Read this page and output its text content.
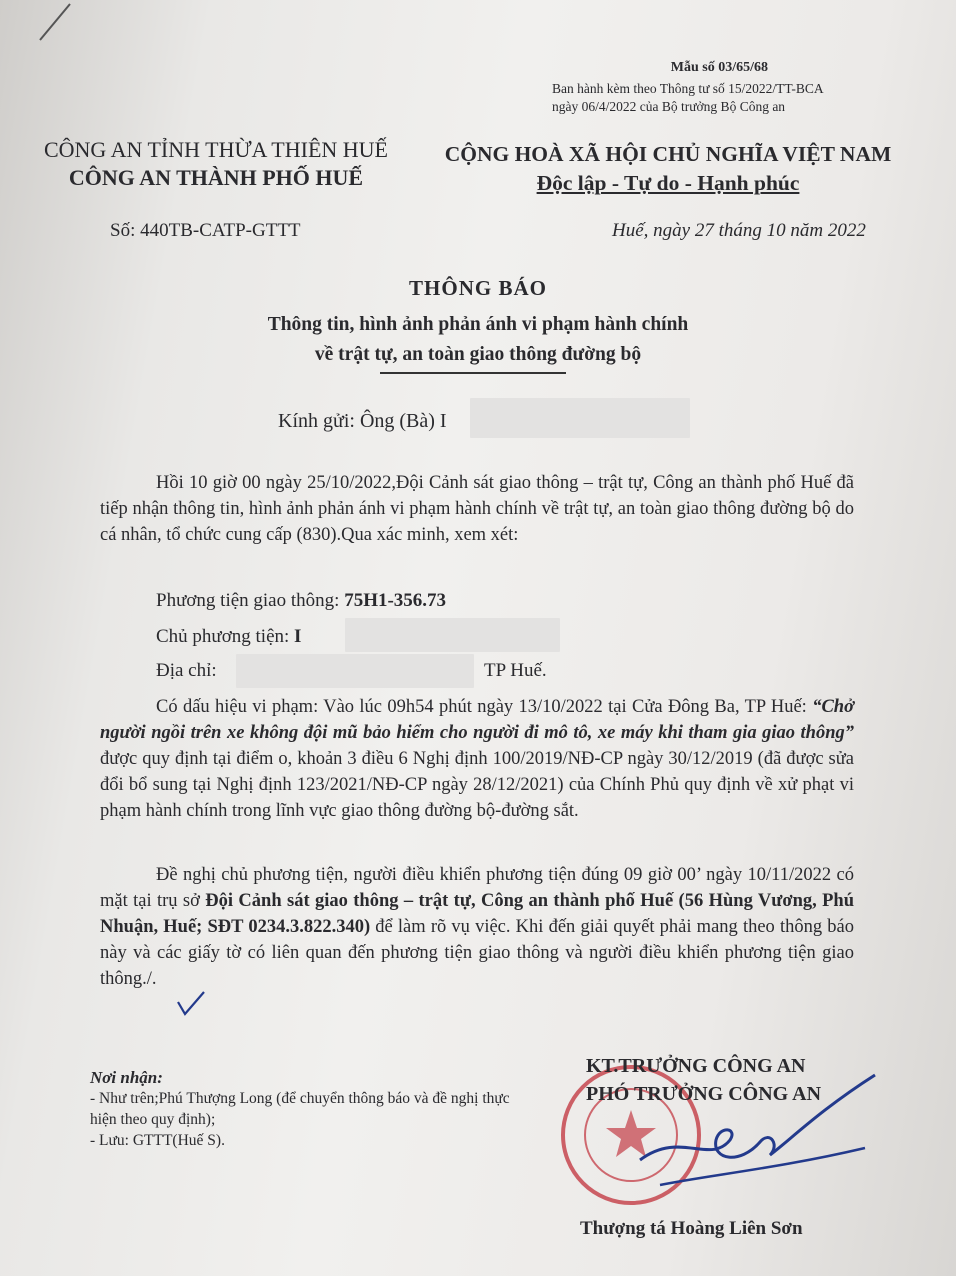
Mẫu số 03/65/68
Ban hành kèm theo Thông tư số 15/2022/TT-BCA
ngày 06/4/2022 của Bộ trưởng Bộ Công an
CÔNG AN TỈNH THỪA THIÊN HUẾ
CÔNG AN THÀNH PHỐ HUẾ
CỘNG HOÀ XÃ HỘI CHỦ NGHĨA VIỆT NAM
Độc lập - Tự do - Hạnh phúc
Số: 440TB-CATP-GTTT	Huế, ngày 27 tháng 10 năm 2022
THÔNG BÁO
Thông tin, hình ảnh phản ánh vi phạm hành chính
về trật tự, an toàn giao thông đường bộ
Kính gửi: Ông (Bà) I
Hồi 10 giờ 00 ngày 25/10/2022,Đội Cảnh sát giao thông – trật tự, Công an thành phố Huế đã tiếp nhận thông tin, hình ảnh phản ánh vi phạm hành chính về trật tự, an toàn giao thông đường bộ do cá nhân, tổ chức cung cấp (830).Qua xác minh, xem xét:
Phương tiện giao thông: 75H1-356.73
Chủ phương tiện: I
Địa chỉ:	TP Huế.
Có dấu hiệu vi phạm: Vào lúc 09h54 phút ngày 13/10/2022 tại Cửa Đông Ba, TP Huế: “Chở người ngồi trên xe không đội mũ bảo hiểm cho người đi mô tô, xe máy khi tham gia giao thông” được quy định tại điểm o, khoản 3 điều 6 Nghị định 100/2019/NĐ-CP ngày 30/12/2019 (đã được sửa đổi bổ sung tại Nghị định 123/2021/NĐ-CP ngày 28/12/2021) của Chính Phủ quy định về xử phạt vi phạm hành chính trong lĩnh vực giao thông đường bộ-đường sắt.
Đề nghị chủ phương tiện, người điều khiển phương tiện đúng 09 giờ 00’ ngày 10/11/2022 có mặt tại trụ sở Đội Cảnh sát giao thông – trật tự, Công an thành phố Huế (56 Hùng Vương, Phú Nhuận, Huế; SĐT 0234.3.822.340) để làm rõ vụ việc. Khi đến giải quyết phải mang theo thông báo này và các giấy tờ có liên quan đến phương tiện giao thông và người điều khiển phương tiện giao thông./.
Nơi nhận:
- Như trên;Phú Thượng Long (để chuyển thông báo và đề nghị thực hiện theo quy định);
- Lưu: GTTT(Huế S).
KT.TRƯỞNG CÔNG AN
PHÓ TRƯỞNG CÔNG AN
Thượng tá Hoàng Liên Sơn
